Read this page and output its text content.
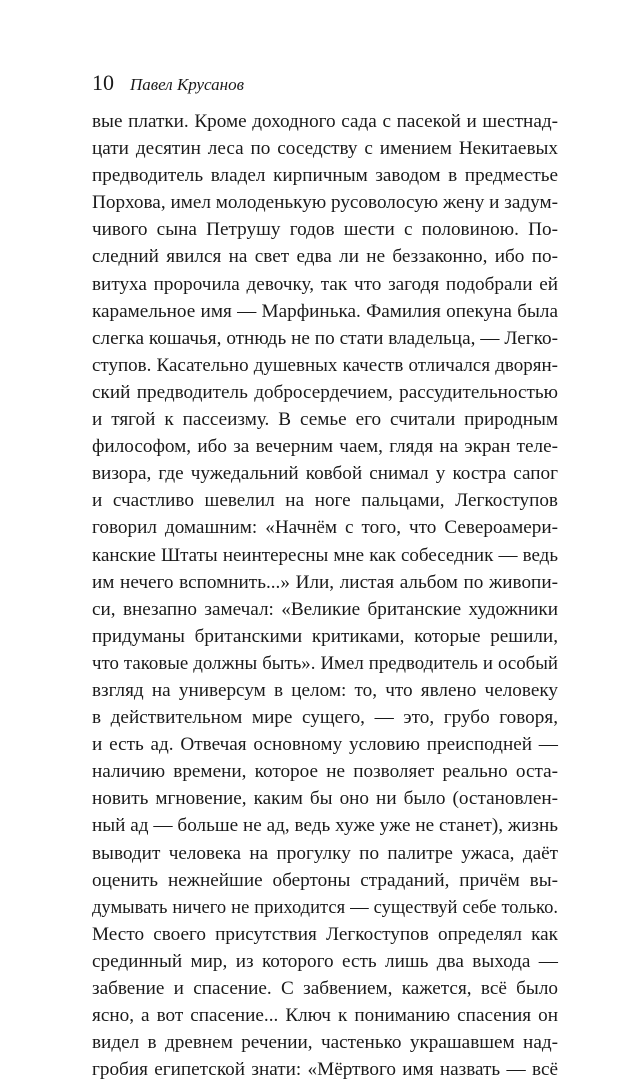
10 Павел Крусанов
вые платки. Кроме доходного сада с пасекой и шестнад-
цати десятин леса по соседству с имением Некитаевых
предводитель владел кирпичным заводом в предместье
Порхова, имел молоденькую русоволосую жену и задум-
чивого сына Петрушу годов шести с половиною. По-
следний явился на свет едва ли не беззаконно, ибо по-
витуха пророчила девочку, так что загодя подобрали ей
карамельное имя — Марфинька. Фамилия опекуна была
слегка кошачья, отнюдь не по стати владельца, — Легко-
ступов. Касательно душевных качеств отличался дворян-
ский предводитель добросердечием, рассудительностью
и тягой к пассеизму. В семье его считали природным
философом, ибо за вечерним чаем, глядя на экран теле-
визора, где чужедальний ковбой снимал у костра сапог
и счастливо шевелил на ноге пальцами, Легкоступов
говорил домашним: «Начнём с того, что Североамери-
канские Штаты неинтересны мне как собеседник — ведь
им нечего вспомнить...» Или, листая альбом по живопи-
си, внезапно замечал: «Великие британские художники
придуманы британскими критиками, которые решили,
что таковые должны быть». Имел предводитель и особый
взгляд на универсум в целом: то, что явлено человеку
в действительном мире сущего, — это, грубо говоря,
и есть ад. Отвечая основному условию преисподней —
наличию времени, которое не позволяет реально оста-
новить мгновение, каким бы оно ни было (остановлен-
ный ад — больше не ад, ведь хуже уже не станет), жизнь
выводит человека на прогулку по палитре ужаса, даёт
оценить нежнейшие обертоны страданий, причём вы-
думывать ничего не приходится — существуй себе только.
Место своего присутствия Легкоступов определял как
срединный мир, из которого есть лишь два выхода —
забвение и спасение. С забвением, кажется, всё было
ясно, а вот спасение... Ключ к пониманию спасения он
видел в древнем речении, частенько украшавшем над-
гробия египетской знати: «Мёртвого имя назвать — всё
